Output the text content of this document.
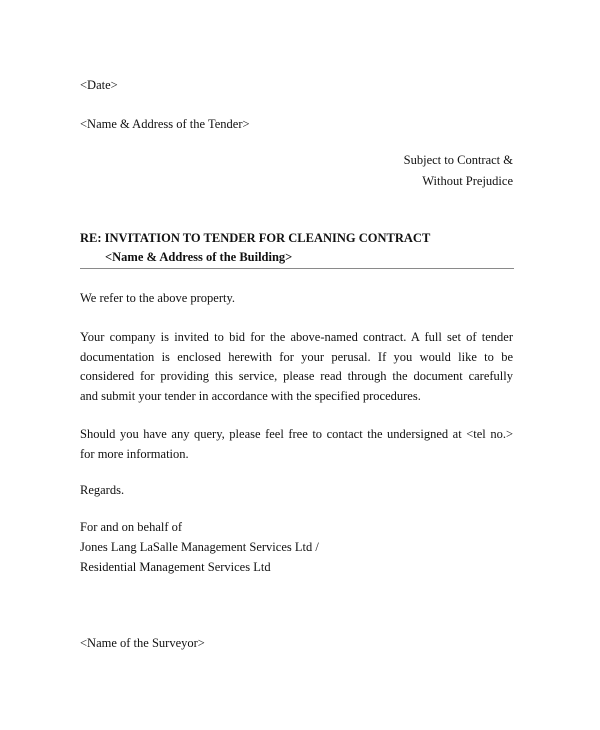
<Date>
<Name & Address of the Tender>
Subject to Contract &
Without Prejudice
RE: INVITATION TO TENDER FOR CLEANING CONTRACT
<Name & Address of the Building>
We refer to the above property.
Your company is invited to bid for the above-named contract. A full set of tender
documentation is enclosed herewith for your perusal. If you would like to be
considered for providing this service, please read through the document carefully
and submit your tender in accordance with the specified procedures.
Should you have any query, please feel free to contact the undersigned at <tel no.>
for more information.
Regards.
For and on behalf of
Jones Lang LaSalle Management Services Ltd /
Residential Management Services Ltd
<Name of the Surveyor>
